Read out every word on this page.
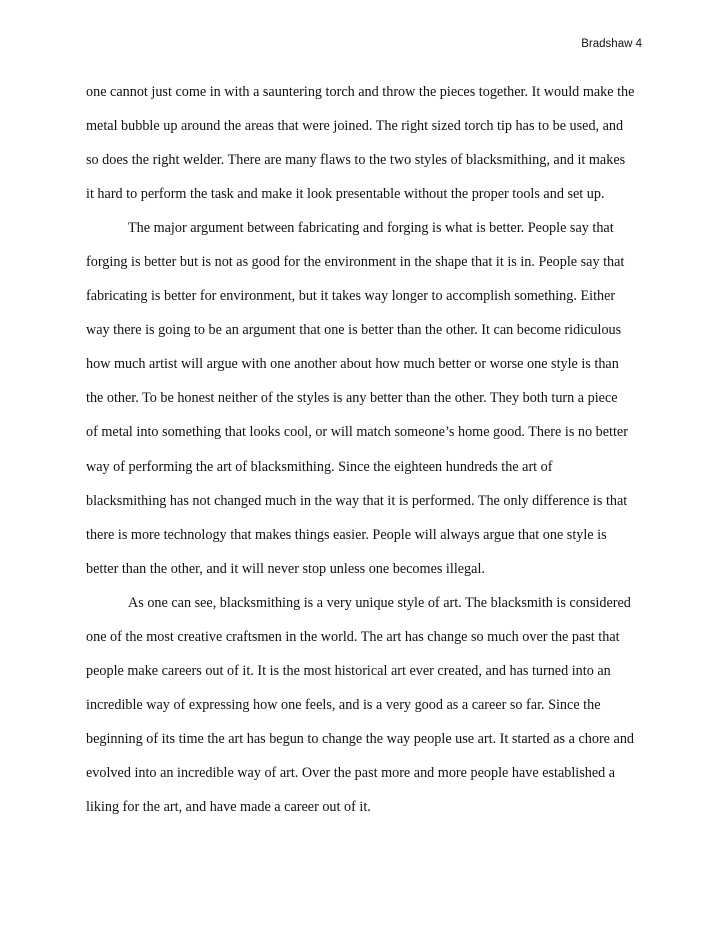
Bradshaw 4
one cannot just come in with a sauntering torch and throw the pieces together. It would make the
metal bubble up around the areas that were joined. The right sized torch tip has to be used, and
so does the right welder. There are many flaws to the two styles of blacksmithing, and it makes
it hard to perform the task and make it look presentable without the proper tools and set up.
The major argument between fabricating and forging is what is better. People say that
forging is better but is not as good for the environment in the shape that it is in. People say that
fabricating is better for environment, but it takes way longer to accomplish something. Either
way there is going to be an argument that one is better than the other. It can become ridiculous
how much artist will argue with one another about how much better or worse one style is than
the other. To be honest neither of the styles is any better than the other. They both turn a piece
of metal into something that looks cool, or will match someone’s home good. There is no better
way of performing the art of blacksmithing. Since the eighteen hundreds the art of
blacksmithing has not changed much in the way that it is performed. The only difference is that
there is more technology that makes things easier. People will always argue that one style is
better than the other, and it will never stop unless one becomes illegal.
As one can see, blacksmithing is a very unique style of art. The blacksmith is considered
one of the most creative craftsmen in the world. The art has change so much over the past that
people make careers out of it. It is the most historical art ever created, and has turned into an
incredible way of expressing how one feels, and is a very good as a career so far. Since the
beginning of its time the art has begun to change the way people use art. It started as a chore and
evolved into an incredible way of art. Over the past more and more people have established a
liking for the art, and have made a career out of it.
